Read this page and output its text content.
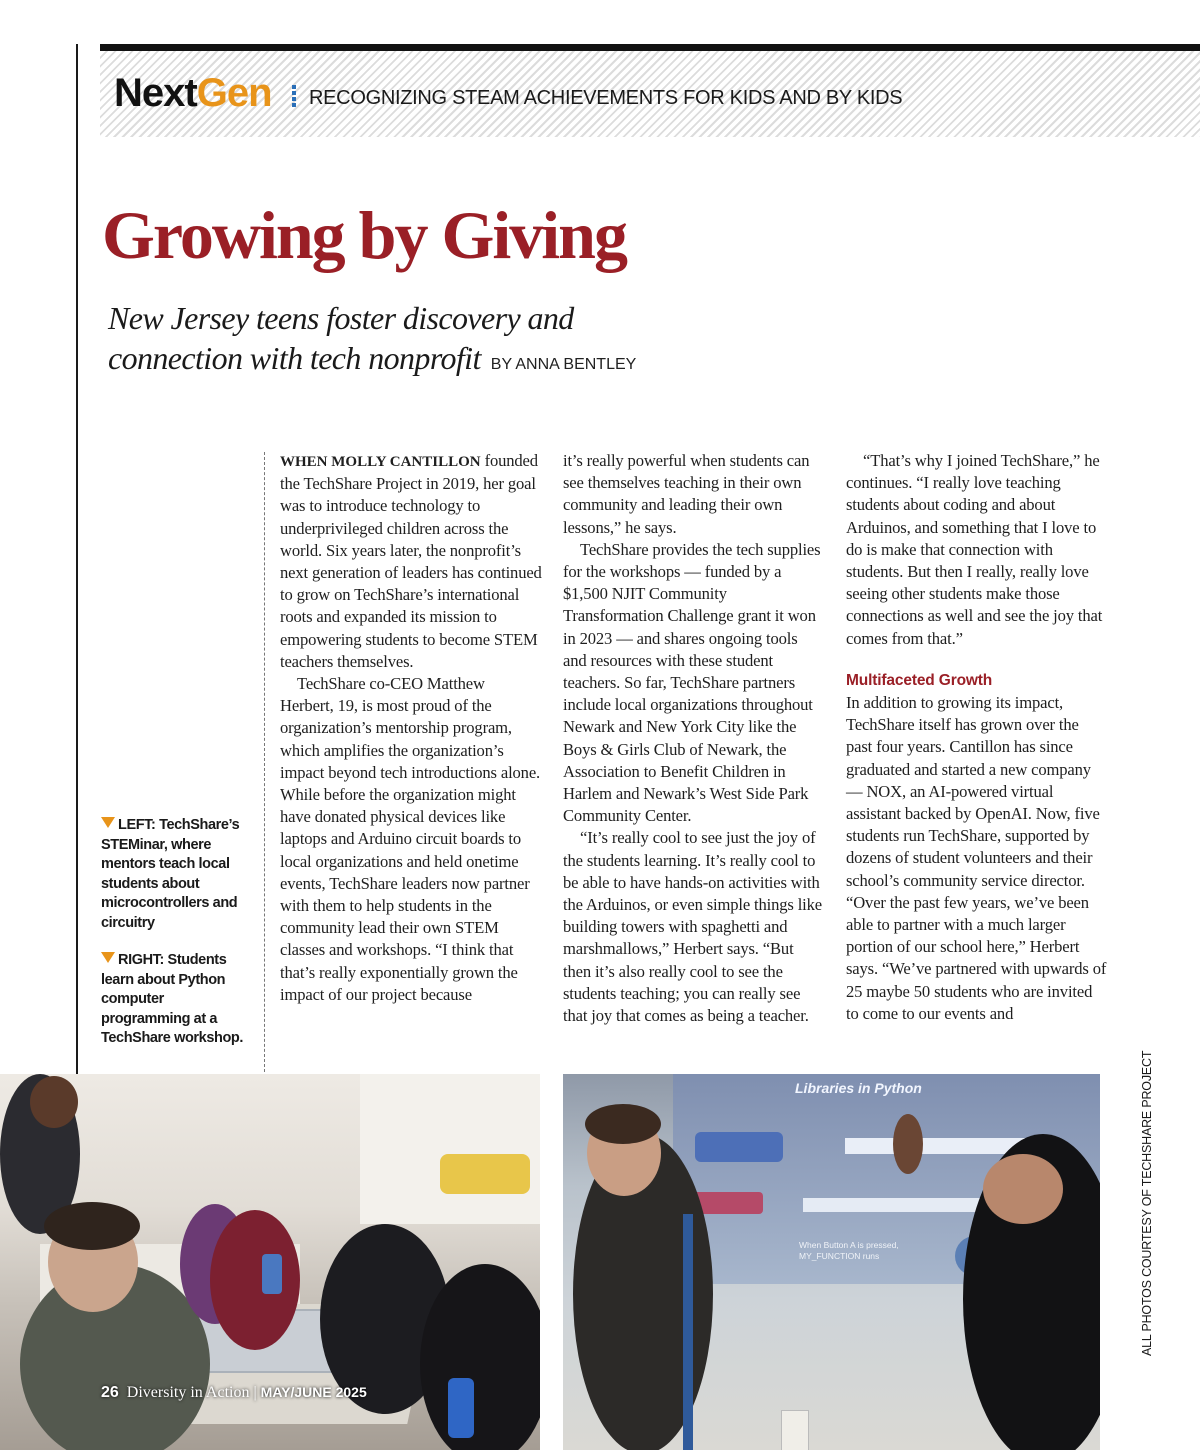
NextGen RECOGNIZING STEAM ACHIEVEMENTS FOR KIDS AND BY KIDS
Growing by Giving
New Jersey teens foster discovery and
connection with tech nonprofit BY ANNA BENTLEY

LEFT: TechShare’s STEMinar, where mentors teach local students about microcontrollers and circuitry

RIGHT: Students learn about Python computer programming at a TechShare workshop.

WHEN MOLLY CANTILLON founded the TechShare Project in 2019, her goal was to introduce technology to underprivileged children across the world. Six years later, the nonprofit’s next generation of leaders has continued to grow on TechShare’s international roots and expanded its mission to empowering students to become STEM teachers themselves.

TechShare co-CEO Matthew Herbert, 19, is most proud of the organization’s mentorship program, which amplifies the organization’s impact beyond tech introductions alone. While before the organization might have donated physical devices like laptops and Arduino circuit boards to local organizations and held onetime events, TechShare leaders now partner with them to help students in the community lead their own STEM classes and workshops. “I think that that’s really exponentially grown the impact of our project because

it’s really powerful when students can see themselves teaching in their own community and leading their own lessons,” he says.

TechShare provides the tech supplies for the workshops — funded by a $1,500 NJIT Community Transformation Challenge grant it won in 2023 — and shares ongoing tools and resources with these student teachers. So far, TechShare partners include local organizations throughout Newark and New York City like the Boys & Girls Club of Newark, the Association to Benefit Children in Harlem and Newark’s West Side Park Community Center.

“It’s really cool to see just the joy of the students learning. It’s really cool to be able to have hands-on activities with the Arduinos, or even simple things like building towers with spaghetti and marshmallows,” Herbert says. “But then it’s also really cool to see the students teaching; you can really see that joy that comes as being a teacher.

“That’s why I joined TechShare,” he continues. “I really love teaching students about coding and about Arduinos, and something that I love to do is make that connection with students. But then I really, really love seeing other students make those connections as well and see the joy that comes from that.”

Multifaceted Growth

In addition to growing its impact, TechShare itself has grown over the past four years. Cantillon has since graduated and started a new company — NOX, an AI-powered virtual assistant backed by OpenAI. Now, five students run TechShare, supported by dozens of student volunteers and their school’s community service director. “Over the past few years, we’ve been able to partner with a much larger portion of our school here,” Herbert says. “We’ve partnered with upwards of 25 maybe 50 students who are invited to come to our events and

Libraries in Python
When Button A is pressed, MY_FUNCTION runs	ALL PHOTOS COURTESY OF TECHSHARE PROJECT
26 Diversity in Action | MAY/JUNE 2025
